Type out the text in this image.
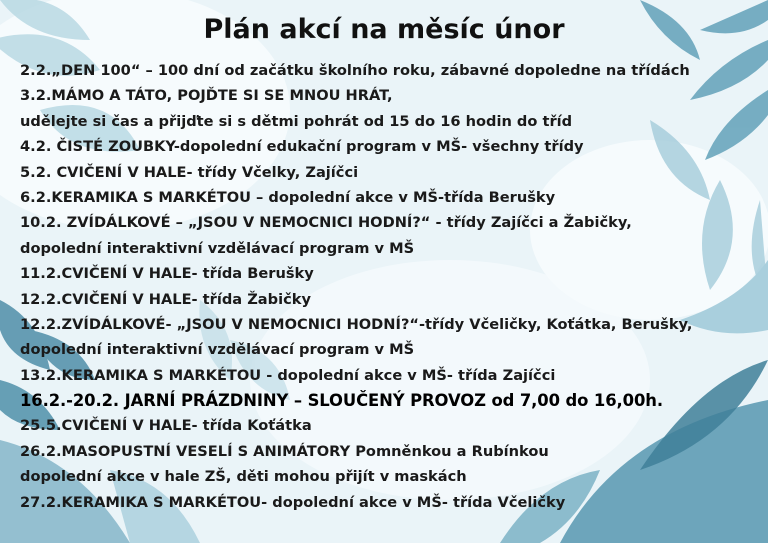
Plán akcí na měsíc únor

2.2.„DEN 100“ – 100 dní od začátku školního roku, zábavné dopoledne na třídách

3.2.MÁMO A TÁTO, POJĎTE SI SE MNOU HRÁT,

udělejte si čas a přijďte si s dětmi pohrát od 15 do 16 hodin do tříd

4.2. ČISTÉ ZOUBKY-dopolední edukační program v MŠ- všechny třídy

5.2. CVIČENÍ V HALE- třídy Včelky, Zajíčci

6.2.KERAMIKA S MARKÉTOU – dopolední akce v MŠ-třída Berušky

10.2. ZVÍDÁLKOVÉ – „JSOU V NEMOCNICI HODNÍ?“ - třídy Zajíčci a Žabičky,

dopolední interaktivní vzdělávací program v MŠ

11.2.CVIČENÍ V HALE- třída Berušky

12.2.CVIČENÍ V HALE- třída Žabičky

12.2.ZVÍDÁLKOVÉ- „JSOU V NEMOCNICI HODNÍ?“-třídy Včeličky, Koťátka, Berušky,

dopolední interaktivní vzdělávací program v MŠ

13.2.KERAMIKA S MARKÉTOU - dopolední akce v MŠ- třída Zajíčci

16.2.-20.2. JARNÍ PRÁZDNINY – SLOUČENÝ PROVOZ od 7,00 do 16,00h.

25.5.CVIČENÍ V HALE- třída Koťátka

26.2.MASOPUSTNÍ VESELÍ S ANIMÁTORY Pomněnkou a Rubínkou

dopolední akce v hale ZŠ, děti mohou přijít v maskách

27.2.KERAMIKA S MARKÉTOU- dopolední akce v MŠ- třída Včeličky
